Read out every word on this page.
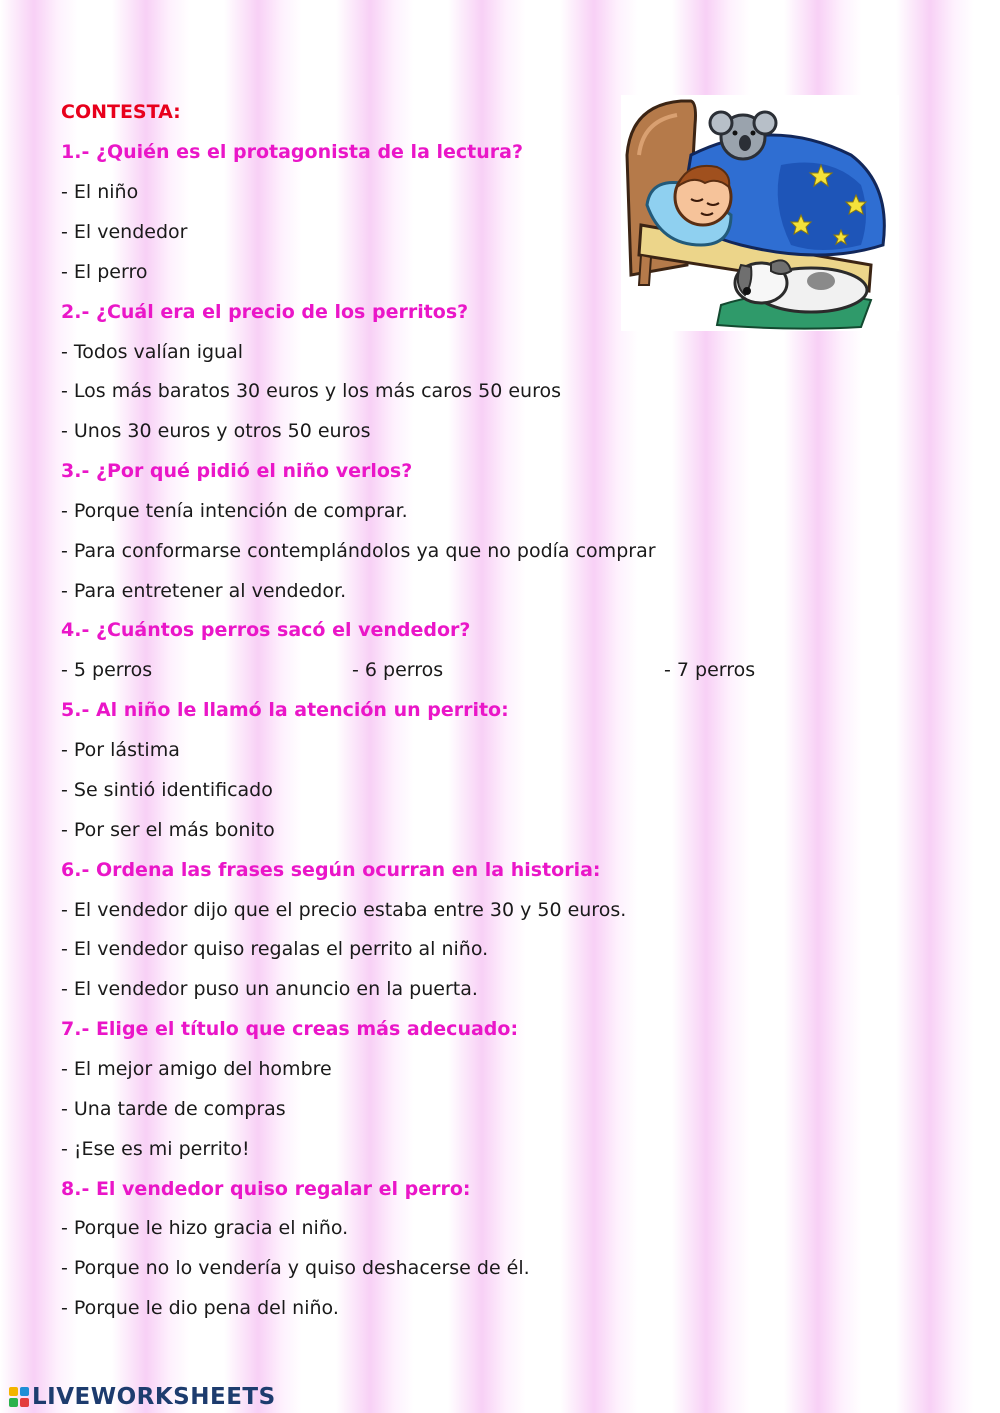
CONTESTA:
1.- ¿Quién es el protagonista de la lectura?
- El niño
- El vendedor
- El perro
2.- ¿Cuál era el precio de los perritos?
- Todos valían igual
- Los más baratos 30 euros y los más caros 50 euros
- Unos 30 euros y otros 50 euros
3.- ¿Por qué pidió el niño verlos?
- Porque tenía intención de comprar.
- Para conformarse contemplándolos ya que no podía comprar
- Para entretener al vendedor.
4.- ¿Cuántos perros sacó el vendedor?
- 5 perros	- 6 perros	- 7 perros
5.- Al niño le llamó la atención un perrito:
- Por lástima
- Se sintió identificado
- Por ser el más bonito
6.- Ordena las frases según ocurran en la historia:
- El vendedor dijo que el precio estaba entre 30 y 50 euros.
- El vendedor quiso regalas el perrito al niño.
- El vendedor puso un anuncio en la puerta.
7.- Elige el título que creas más adecuado:
- El mejor amigo del hombre
- Una tarde de compras
- ¡Ese es mi perrito!
8.- El vendedor quiso regalar el perro:
- Porque le hizo gracia el niño.
- Porque no lo vendería y quiso deshacerse de él.
- Porque le dio pena del niño.
LIVEWORKSHEETS
